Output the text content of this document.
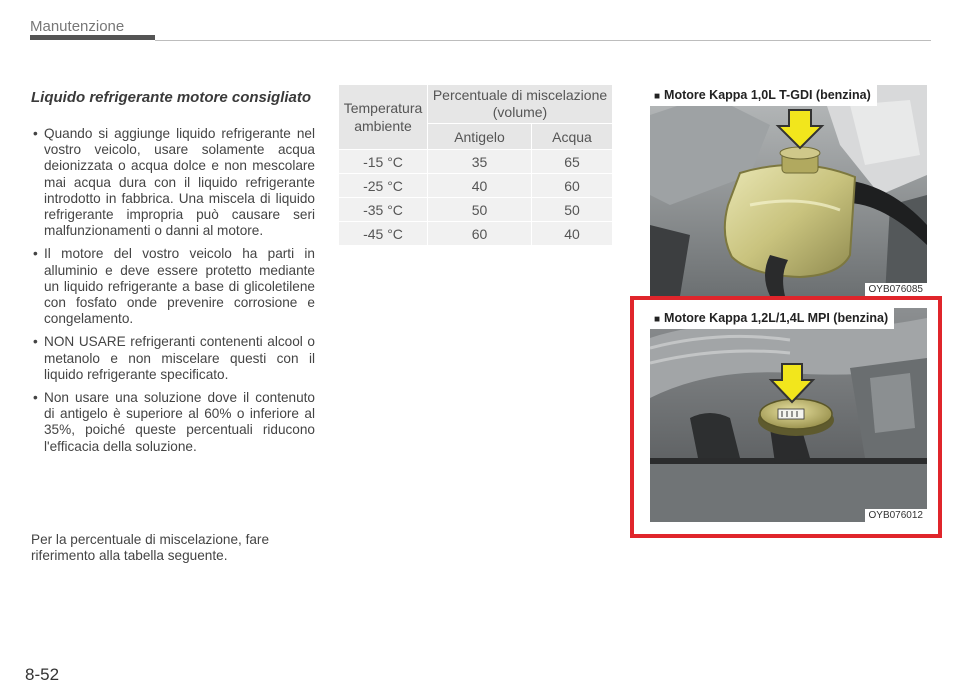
Manutenzione
Liquido refrigerante motore consigliato
• Quando si aggiunge liquido refrigerante nel vostro veicolo, usare solamente acqua deionizzata o acqua dolce e non mescolare mai acqua dura con il liquido refrigerante introdotto in fabbrica. Una miscela di liquido refrigerante impropria può causare seri malfunzionamenti o danni al motore.
• Il motore del vostro veicolo ha parti in alluminio e deve essere protetto mediante un liquido refrigerante a base di glicoletilene con fosfato onde prevenire corrosione e congelamento.
• NON USARE refrigeranti contenenti alcool o metanolo e non miscelare questi con il liquido refrigerante specificato.
• Non usare una soluzione dove il contenuto di antigelo è superiore al 60% o inferiore al 35%, poiché queste percentuali riducono l'efficacia della soluzione.
Per la percentuale di miscelazione, fare riferimento alla tabella seguente.
Temperatura ambiente	Percentuale di miscelazione (volume)	
	Antigelo	Acqua
-15 °C	35	65
-25 °C	40	60
-35 °C	50	50
-45 °C	60	40
■ Motore Kappa 1,0L T-GDI (benzina)
OYB076085
■ Motore Kappa 1,2L/1,4L MPI (benzina)
OYB076012
8-52
